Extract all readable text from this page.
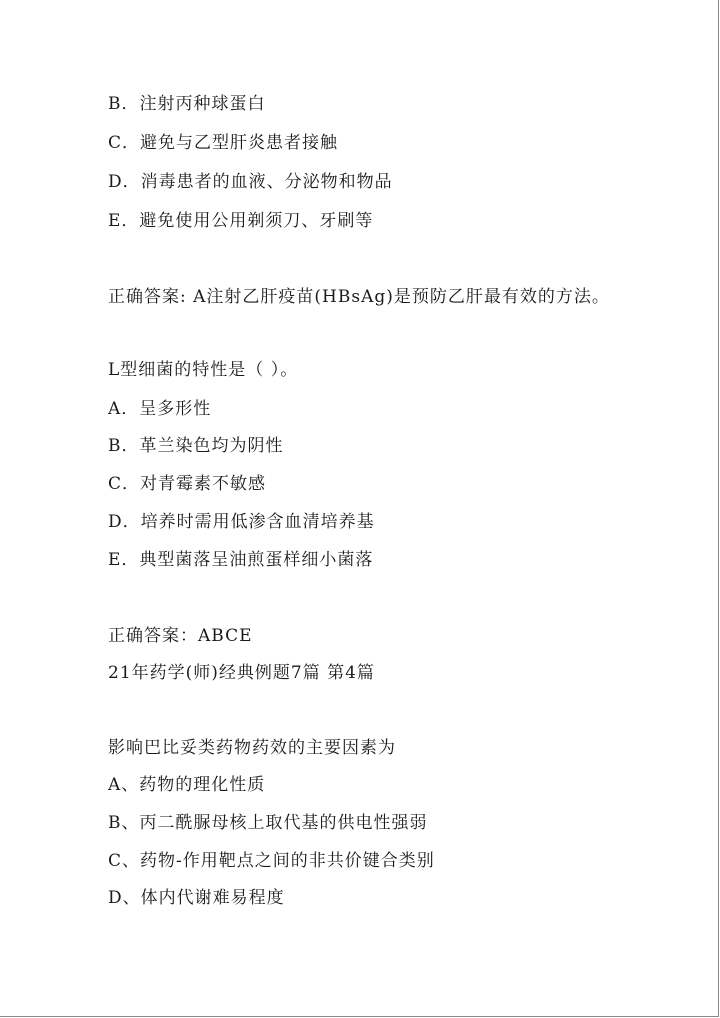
B．注射丙种球蛋白
C．避免与乙型肝炎患者接触
D．消毒患者的血液、分泌物和物品
E．避免使用公用剃须刀、牙刷等
正确答案: A注射乙肝疫苗(HBsAg)是预防乙肝最有效的方法。
L型细菌的特性是（ ）。
A．呈多形性
B．革兰染色均为阴性
C．对青霉素不敏感
D．培养时需用低渗含血清培养基
E．典型菌落呈油煎蛋样细小菌落
正确答案：ABCE
21年药学(师)经典例题7篇 第4篇
影响巴比妥类药物药效的主要因素为
A、药物的理化性质
B、丙二酰脲母核上取代基的供电性强弱
C、药物-作用靶点之间的非共价键合类别
D、体内代谢难易程度
